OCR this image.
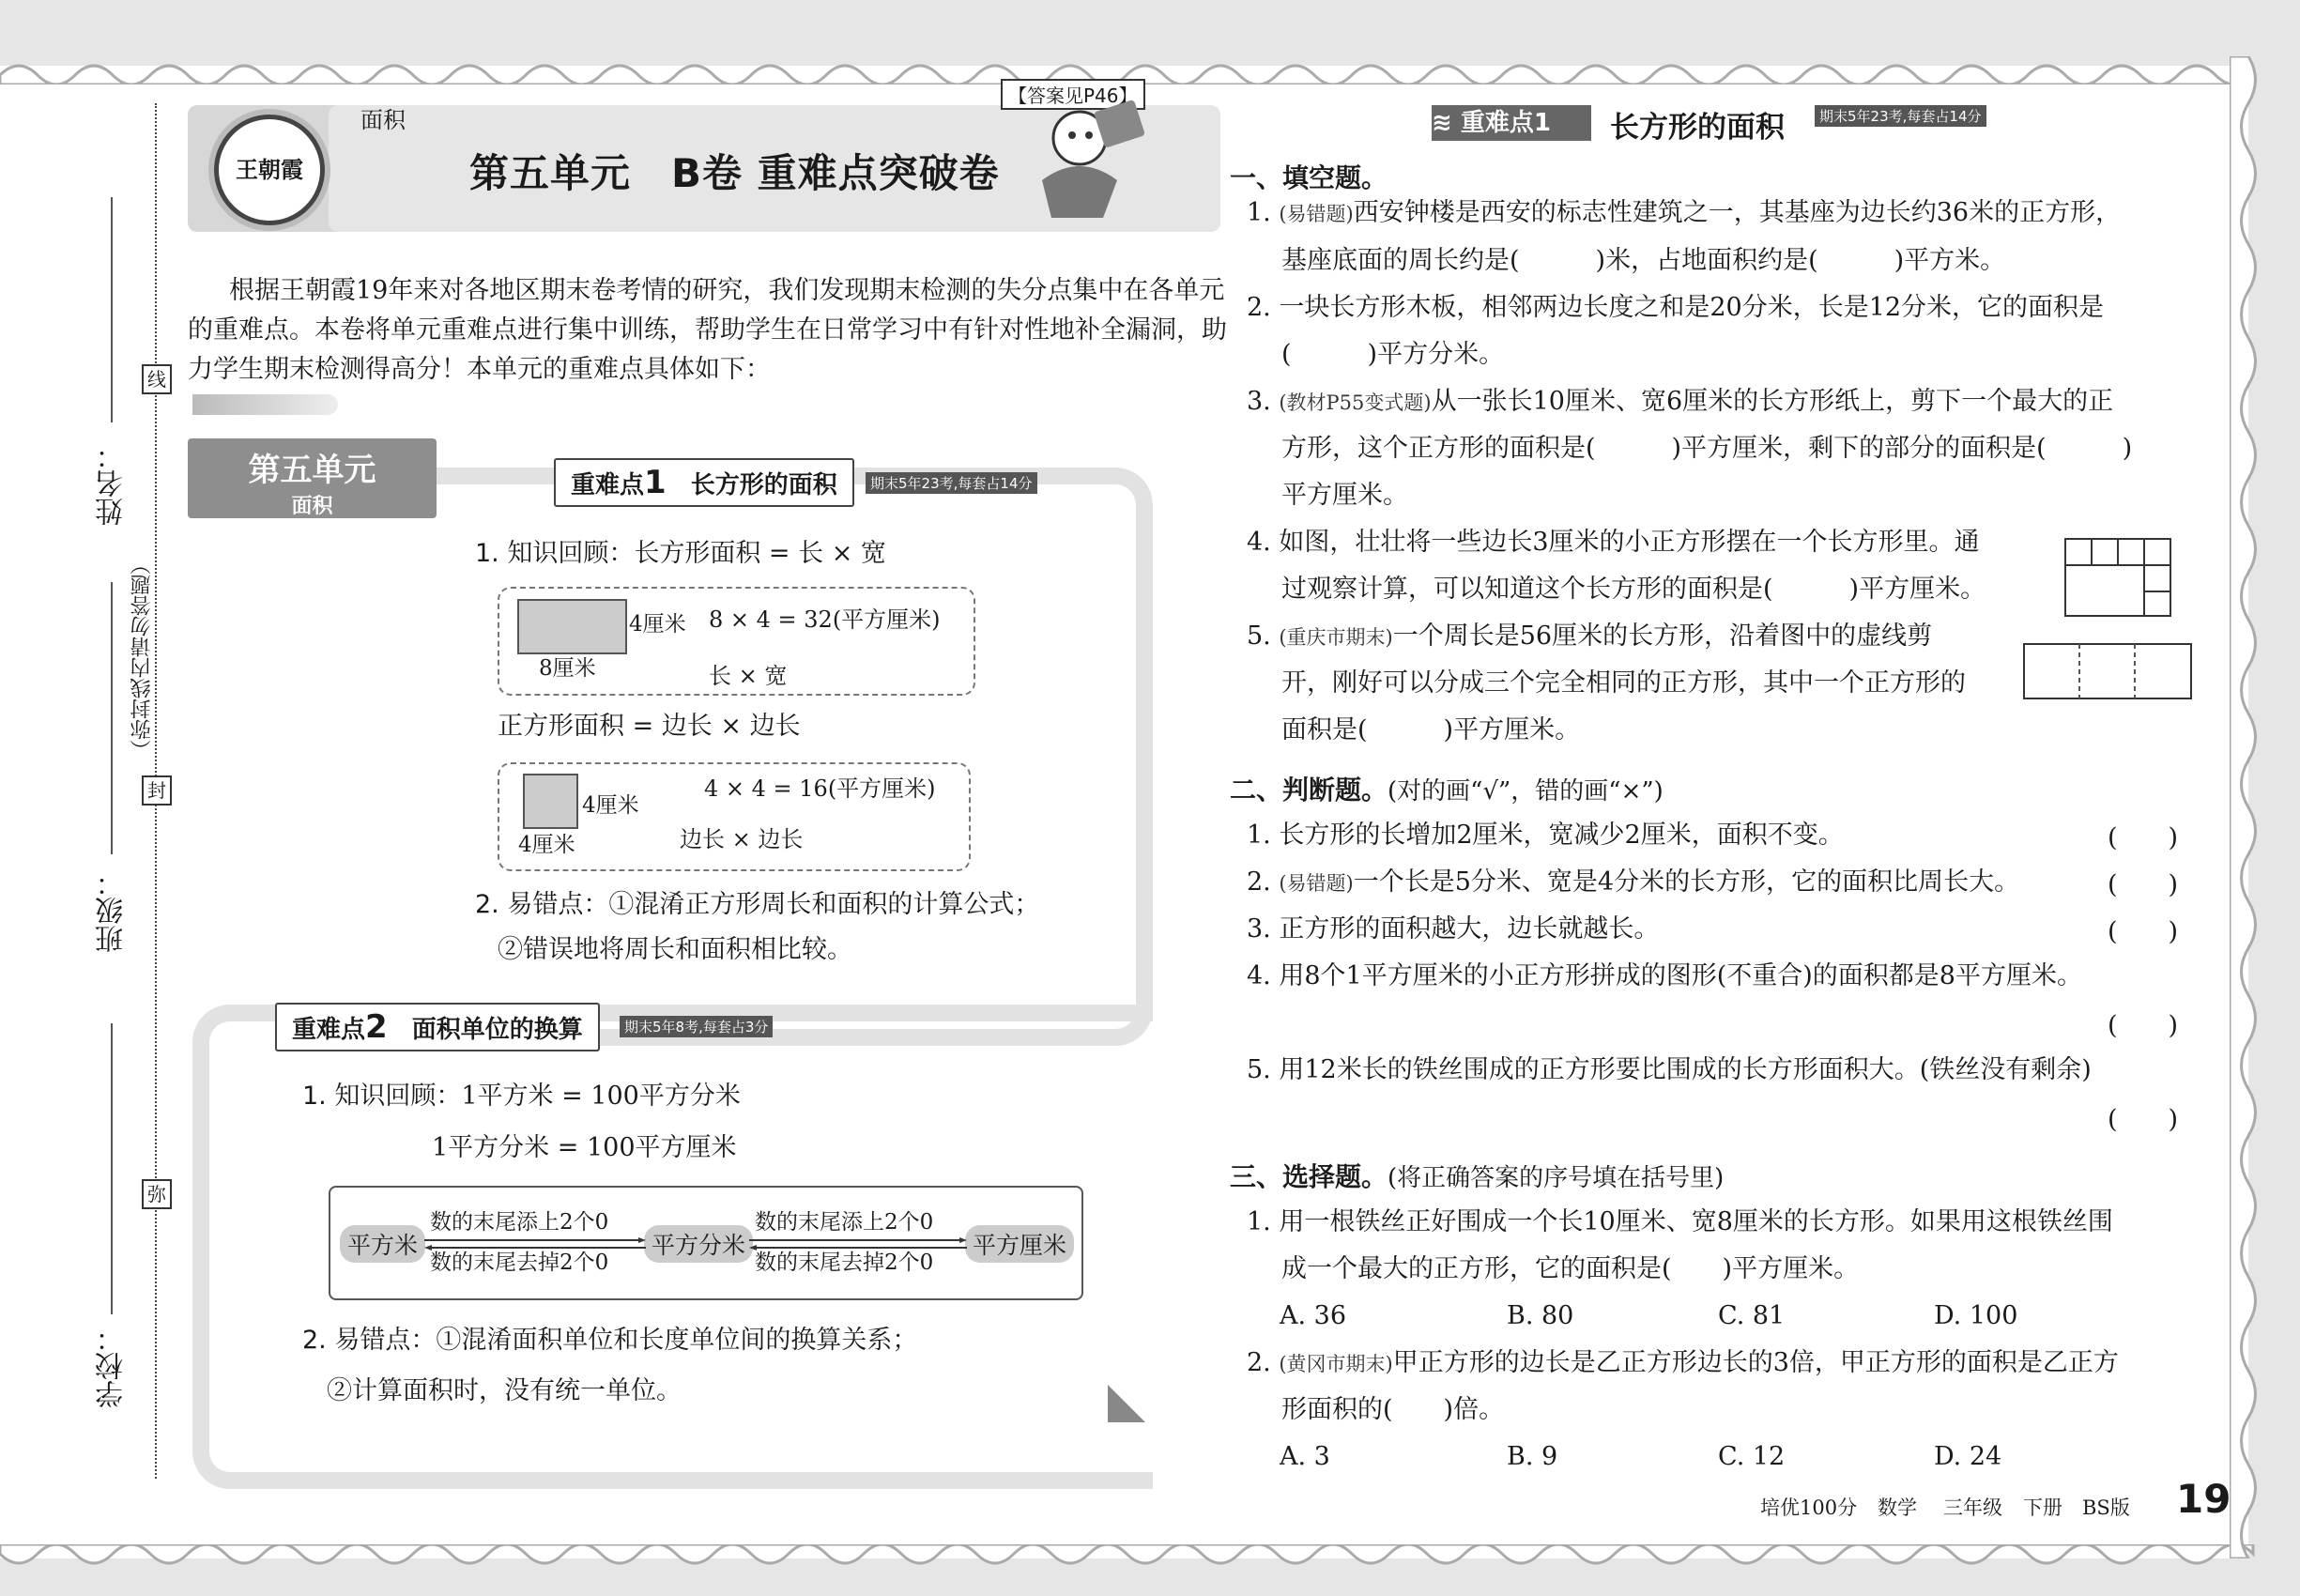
姓名：
（弥封线内请勿答题）
线
封
弥
班级：
学校：
【答案见P46】
王朝霞
面积
第五单元　B卷 重难点突破卷
根据王朝霞19年来对各地区期末卷考情的研究，我们发现期末检测的失分点集中在各单元
的重难点。本卷将单元重难点进行集中训练，帮助学生在日常学习中有针对性地补全漏洞，助
力学生期末检测得高分！本单元的重难点具体如下：
第五单元
面积
重难点1　 长方形的面积	期末5年23考,每套占14分
1. 知识回顾：长方形面积 = 长 × 宽
4厘米
8厘米
8 × 4 = 32(平方厘米)
长 × 宽
正方形面积 = 边长 × 边长
4厘米
4厘米
4 × 4 = 16(平方厘米)
边长 × 边长
2. 易错点：①混淆正方形周长和面积的计算公式；
②错误地将周长和面积相比较。
重难点2　 面积单位的换算	期末5年8考,每套占3分
1. 知识回顾：1平方米 = 100平方分米
1平方分米 = 100平方厘米
平方米	平方分米	平方厘米
数的末尾添上2个0
数的末尾去掉2个0
数的末尾添上2个0
数的末尾去掉2个0
2. 易错点：①混淆面积单位和长度单位间的换算关系；
②计算面积时，没有统一单位。
≋ 重难点1	长方形的面积	期末5年23考,每套占14分
一、填空题。
1. (易错题)西安钟楼是西安的标志性建筑之一，其基座为边长约36米的正方形，
基座底面的周长约是(　　　)米，占地面积约是(　　　)平方米。
2. 一块长方形木板，相邻两边长度之和是20分米，长是12分米，它的面积是
(　　　)平方分米。
3. (教材P55变式题)从一张长10厘米、宽6厘米的长方形纸上，剪下一个最大的正
方形，这个正方形的面积是(　　　)平方厘米，剩下的部分的面积是(　　　)
平方厘米。
4. 如图，壮壮将一些边长3厘米的小正方形摆在一个长方形里。通
过观察计算，可以知道这个长方形的面积是(　　　)平方厘米。
5. (重庆市期末)一个周长是56厘米的长方形，沿着图中的虚线剪
开，刚好可以分成三个完全相同的正方形，其中一个正方形的
面积是(　　　)平方厘米。
二、判断题。(对的画“√”，错的画“×”)
1. 长方形的长增加2厘米，宽减少2厘米，面积不变。	(　　)
2. (易错题)一个长是5分米、宽是4分米的长方形，它的面积比周长大。	(　　)
3. 正方形的面积越大，边长就越长。	(　　)
4. 用8个1平方厘米的小正方形拼成的图形(不重合)的面积都是8平方厘米。
(　　)
5. 用12米长的铁丝围成的正方形要比围成的长方形面积大。(铁丝没有剩余)
(　　)
三、选择题。(将正确答案的序号填在括号里)
1. 用一根铁丝正好围成一个长10厘米、宽8厘米的长方形。如果用这根铁丝围
成一个最大的正方形，它的面积是(　　)平方厘米。
A. 36	B. 80	C. 81	D. 100
2. (黄冈市期末)甲正方形的边长是乙正方形边长的3倍，甲正方形的面积是乙正方
形面积的(　　)倍。
A. 3	B. 9	C. 12	D. 24
培优100分 数学 三年级 下册 BS版 19
